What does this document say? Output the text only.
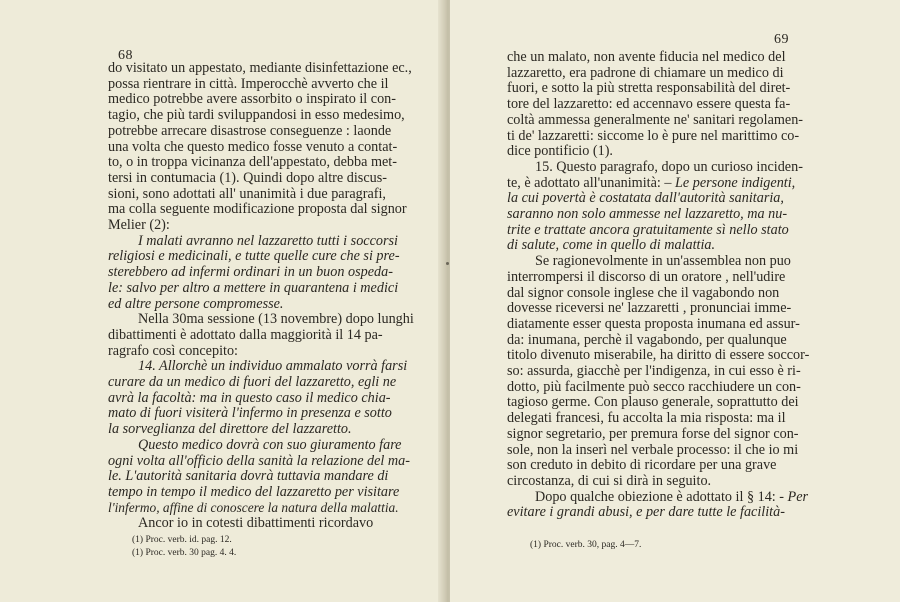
68
do visitato un appestato, mediante disinfettazione ec.,
possa rientrare in città. Imperocchè avverto che il
medico potrebbe avere assorbito o inspirato il con-
tagio, che più tardi sviluppandosi in esso medesimo,
potrebbe arrecare disastrose conseguenze : laonde
una volta che questo medico fosse venuto a contat-
to, o in troppa vicinanza dell'appestato, debba met-
tersi in contumacia (1). Quindi dopo altre discus-
sioni, sono adottati all' unanimità i due paragrafi,
ma colla seguente modificazione proposta dal signor
Melier (2):
I malati avranno nel lazzaretto tutti i soccorsi
religiosi e medicinali, e tutte quelle cure che si pre-
sterebbero ad infermi ordinari in un buon ospeda-
le: salvo per altro a mettere in quarantena i medici
ed altre persone compromesse.
Nella 30ma sessione (13 novembre) dopo lunghi
dibattimenti è adottato dalla maggiorità il 14 pa-
ragrafo così concepito:
14. Allorchè un individuo ammalato vorrà farsi
curare da un medico di fuori del lazzaretto, egli ne
avrà la facoltà: ma in questo caso il medico chia-
mato di fuori visiterà l'infermo in presenza e sotto
la sorveglianza del direttore del lazzaretto.
Questo medico dovrà con suo giuramento fare
ogni volta all'officio della sanità la relazione del ma-
le. L'autorità sanitaria dovrà tuttavia mandare di
tempo in tempo il medico del lazzaretto per visitare
l'infermo, affine di conoscere la natura della malattia.
Ancor io in cotesti dibattimenti ricordavo
(1) Proc. verb. id. pag. 12.
(1) Proc. verb. 30 pag. 4. 4.
69
che un malato, non avente fiducia nel medico del
lazzaretto, era padrone di chiamare un medico di
fuori, e sotto la più stretta responsabilità del diret-
tore del lazzaretto: ed accennavo essere questa fa-
coltà ammessa generalmente ne' sanitari regolamen-
ti de' lazzaretti: siccome lo è pure nel marittimo co-
dice pontificio (1).
15. Questo paragrafo, dopo un curioso inciden-
te, è adottato all'unanimità: – Le persone indigenti,
la cui povertà è costatata dall'autorità sanitaria,
saranno non solo ammesse nel lazzaretto, ma nu-
trite e trattate ancora gratuitamente sì nello stato
di salute, come in quello di malattia.
Se ragionevolmente in un'assemblea non puo
interrompersi il discorso di un oratore , nell'udire
dal signor console inglese che il vagabondo non
dovesse riceversi ne' lazzaretti , pronunciai imme-
diatamente esser questa proposta inumana ed assur-
da: inumana, perchè il vagabondo, per qualunque
titolo divenuto miserabile, ha diritto di essere soccor-
so: assurda, giacchè per l'indigenza, in cui esso è ri-
dotto, più facilmente può secco racchiudere un con-
tagioso germe. Con plauso generale, soprattutto dei
delegati francesi, fu accolta la mia risposta: ma il
signor segretario, per premura forse del signor con-
sole, non la inserì nel verbale processo: il che io mi
son creduto in debito di ricordare per una grave
circostanza, di cui si dirà in seguito.
Dopo qualche obiezione è adottato il § 14: - Per
evitare i grandi abusi, e per dare tutte le facilità-
(1) Proc. verb. 30, pag. 4—7.
